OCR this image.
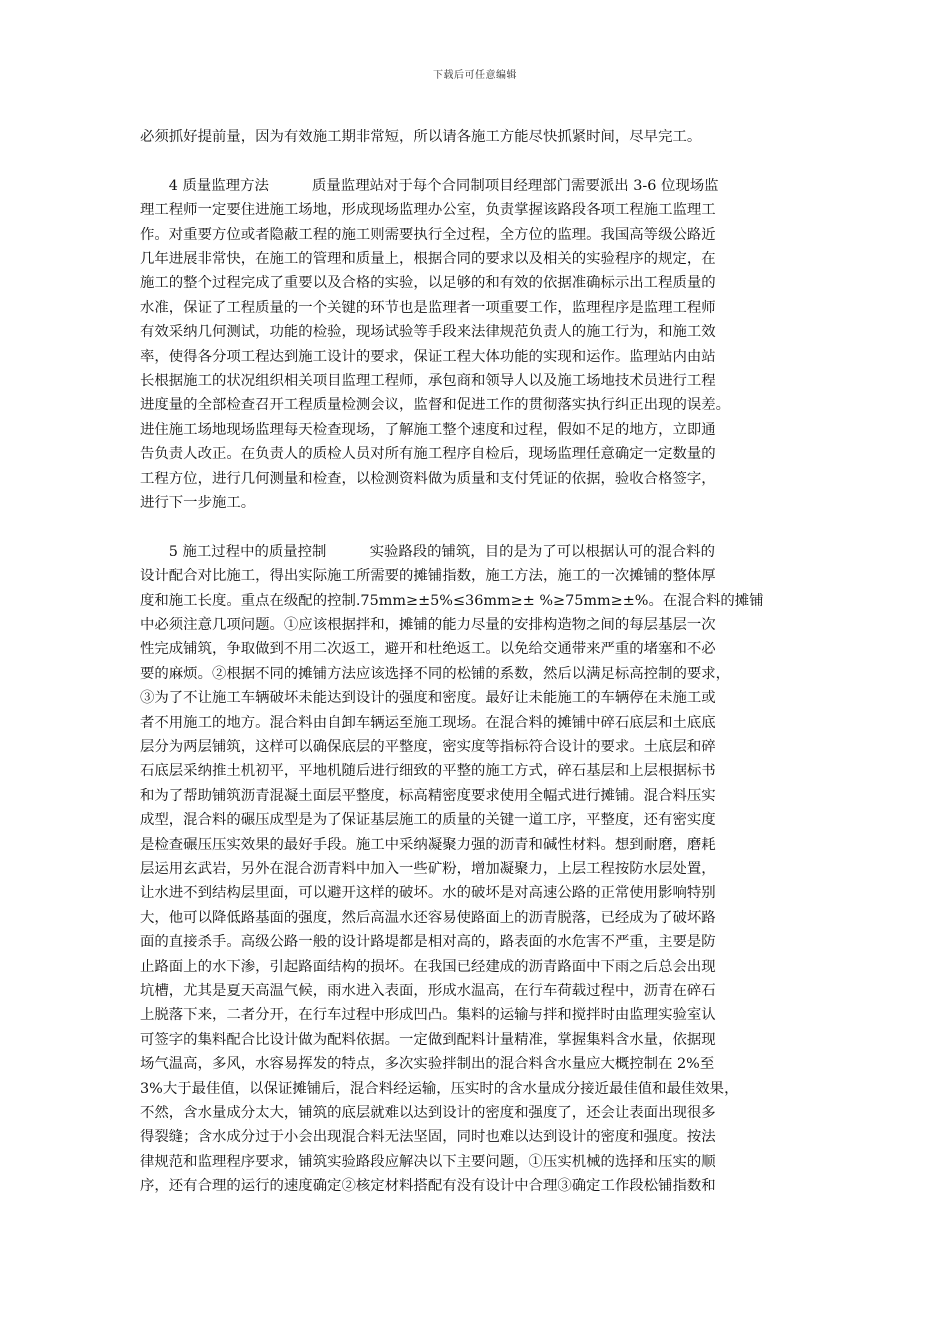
下载后可任意编辑
必须抓好提前量，因为有效施工期非常短，所以请各施工方能尽快抓紧时间，尽早完工。
　　4 质量监理方法　　　质量监理站对于每个合同制项目经理部门需要派出 3-6 位现场监
理工程师一定要住进施工场地，形成现场监理办公室，负责掌握该路段各项工程施工监理工
作。对重要方位或者隐蔽工程的施工则需要执行全过程，全方位的监理。我国高等级公路近
几年进展非常快，在施工的管理和质量上，根据合同的要求以及相关的实验程序的规定，在
施工的整个过程完成了重要以及合格的实验，以足够的和有效的依据准确标示出工程质量的
水准，保证了工程质量的一个关键的环节也是监理者一项重要工作，监理程序是监理工程师
有效采纳几何测试，功能的检验，现场试验等手段来法律规范负责人的施工行为，和施工效
率，使得各分项工程达到施工设计的要求，保证工程大体功能的实现和运作。监理站内由站
长根据施工的状况组织相关项目监理工程师，承包商和领导人以及施工场地技术员进行工程
进度量的全部检查召开工程质量检测会议，监督和促进工作的贯彻落实执行纠正出现的误差。
进住施工场地现场监理每天检查现场，了解施工整个速度和过程，假如不足的地方，立即通
告负责人改正。在负责人的质检人员对所有施工程序自检后，现场监理任意确定一定数量的
工程方位，进行几何测量和检查，以检测资料做为质量和支付凭证的依据，验收合格签字，
进行下一步施工。
　　5 施工过程中的质量控制　　　实验路段的铺筑，目的是为了可以根据认可的混合料的
设计配合对比施工，得出实际施工所需要的摊铺指数，施工方法，施工的一次摊铺的整体厚
度和施工长度。重点在级配的控制.75mm≥±5%≤36mm≥± %≥75mm≥±%。在混合料的摊铺
中必须注意几项问题。①应该根据拌和，摊铺的能力尽量的安排构造物之间的每层基层一次
性完成铺筑，争取做到不用二次返工，避开和杜绝返工。以免给交通带来严重的堵塞和不必
要的麻烦。②根据不同的摊铺方法应该选择不同的松铺的系数，然后以满足标高控制的要求，
③为了不让施工车辆破坏未能达到设计的强度和密度。最好让未能施工的车辆停在未施工或
者不用施工的地方。混合料由自卸车辆运至施工现场。在混合料的摊铺中碎石底层和土底底
层分为两层铺筑，这样可以确保底层的平整度，密实度等指标符合设计的要求。土底层和碎
石底层采纳推土机初平，平地机随后进行细致的平整的施工方式，碎石基层和上层根据标书
和为了帮助铺筑沥青混凝土面层平整度，标高精密度要求使用全幅式进行摊铺。混合料压实
成型，混合料的碾压成型是为了保证基层施工的质量的关键一道工序，平整度，还有密实度
是检查碾压压实效果的最好手段。施工中采纳凝聚力强的沥青和碱性材料。想到耐磨，磨耗
层运用玄武岩，另外在混合沥青料中加入一些矿粉，增加凝聚力，上层工程按防水层处置，
让水进不到结构层里面，可以避开这样的破坏。水的破坏是对高速公路的正常使用影响特别
大，他可以降低路基面的强度，然后高温水还容易使路面上的沥青脱落，已经成为了破坏路
面的直接杀手。高级公路一般的设计路堤都是相对高的，路表面的水危害不严重，主要是防
止路面上的水下渗，引起路面结构的损坏。在我国已经建成的沥青路面中下雨之后总会出现
坑槽，尤其是夏天高温气候，雨水进入表面，形成水温高，在行车荷载过程中，沥青在碎石
上脱落下来，二者分开，在行车过程中形成凹凸。集料的运输与拌和搅拌时由监理实验室认
可签字的集料配合比设计做为配料依据。一定做到配料计量精准，掌握集料含水量，依据现
场气温高，多风，水容易挥发的特点，多次实验拌制出的混合料含水量应大概控制在 2%至
3%大于最佳值，以保证摊铺后，混合料经运输，压实时的含水量成分接近最佳值和最佳效果，
不然，含水量成分太大，铺筑的底层就难以达到设计的密度和强度了，还会让表面出现很多
得裂缝；含水成分过于小会出现混合料无法坚固，同时也难以达到设计的密度和强度。按法
律规范和监理程序要求，铺筑实验路段应解决以下主要问题，①压实机械的选择和压实的顺
序，还有合理的运行的速度确定②核定材料搭配有没有设计中合理③确定工作段松铺指数和
